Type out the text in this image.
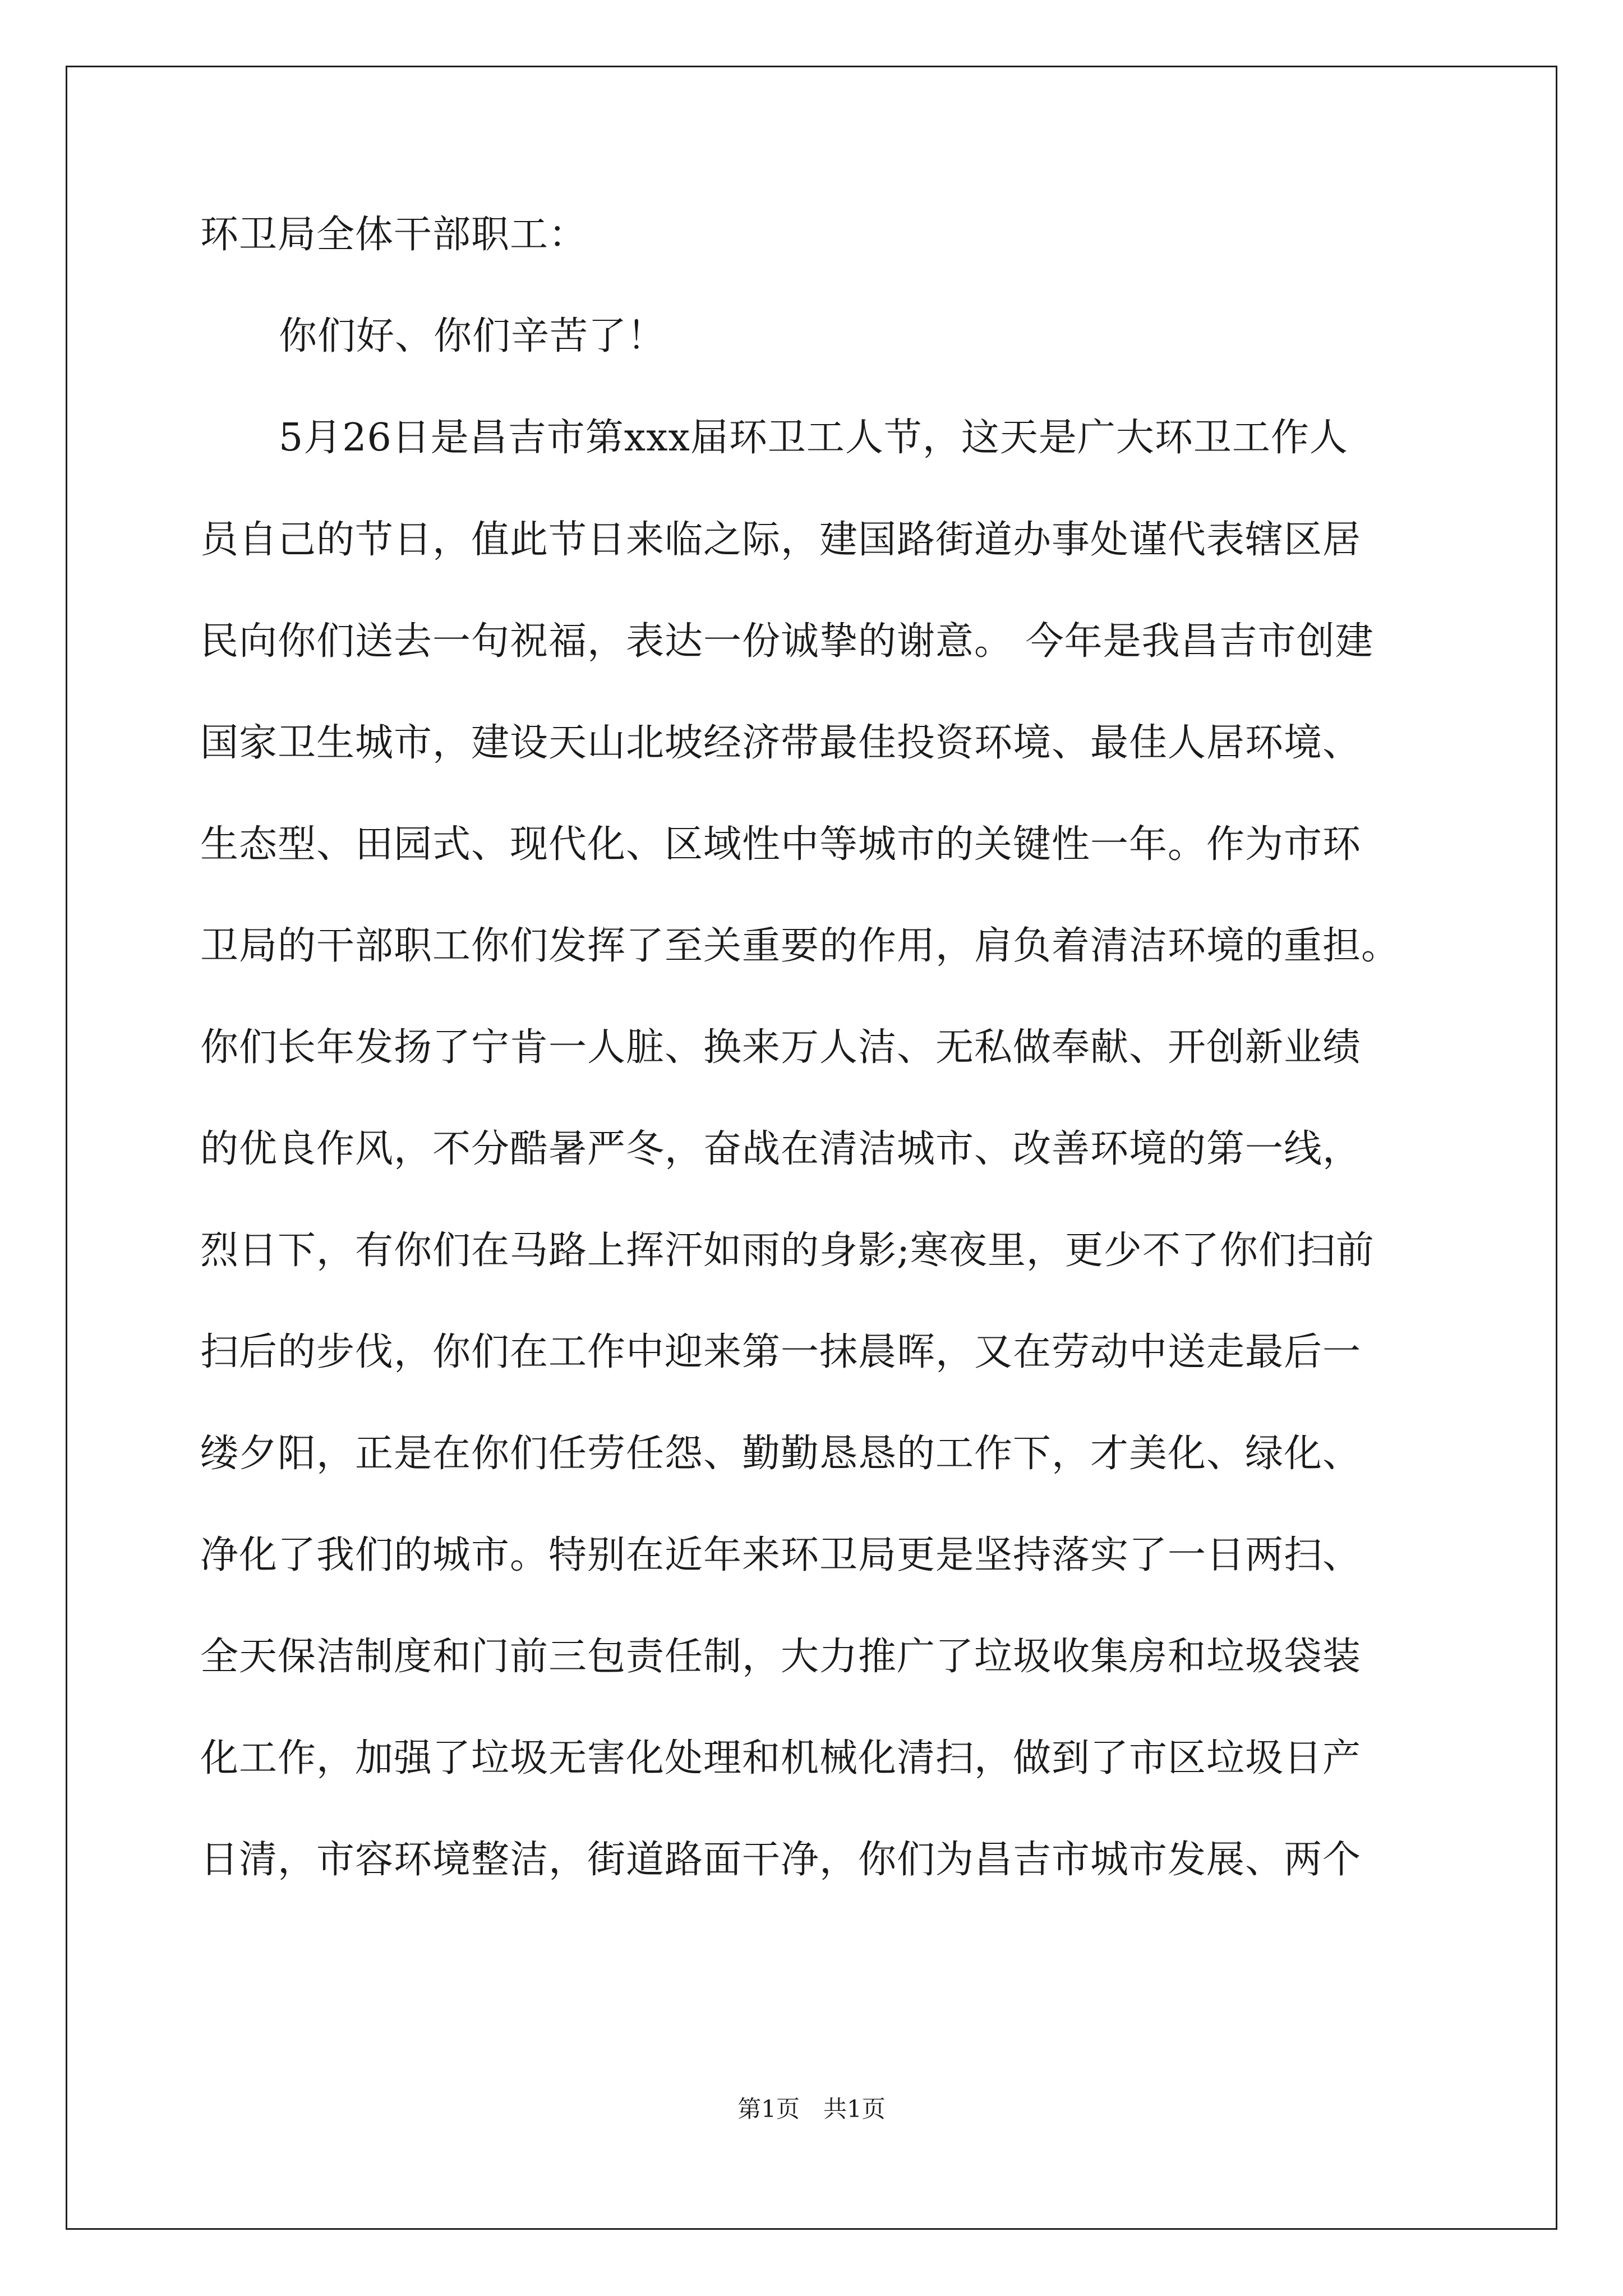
环卫局全体干部职工：
你们好、你们辛苦了！
5月26日是昌吉市第xxx届环卫工人节，这天是广大环卫工作人
员自己的节日，值此节日来临之际，建国路街道办事处谨代表辖区居
民向你们送去一句祝福，表达一份诚挚的谢意。 今年是我昌吉市创建
国家卫生城市，建设天山北坡经济带最佳投资环境、最佳人居环境、
生态型、田园式、现代化、区域性中等城市的关键性一年。作为市环
卫局的干部职工你们发挥了至关重要的作用，肩负着清洁环境的重担。
你们长年发扬了宁肯一人脏、换来万人洁、无私做奉献、开创新业绩
的优良作风，不分酷暑严冬，奋战在清洁城市、改善环境的第一线，
烈日下，有你们在马路上挥汗如雨的身影;寒夜里，更少不了你们扫前
扫后的步伐，你们在工作中迎来第一抹晨晖，又在劳动中送走最后一
缕夕阳，正是在你们任劳任怨、勤勤恳恳的工作下，才美化、绿化、
净化了我们的城市。特别在近年来环卫局更是坚持落实了一日两扫、
全天保洁制度和门前三包责任制，大力推广了垃圾收集房和垃圾袋装
化工作，加强了垃圾无害化处理和机械化清扫，做到了市区垃圾日产
日清，市容环境整洁，街道路面干净，你们为昌吉市城市发展、两个
第1页　共1页
